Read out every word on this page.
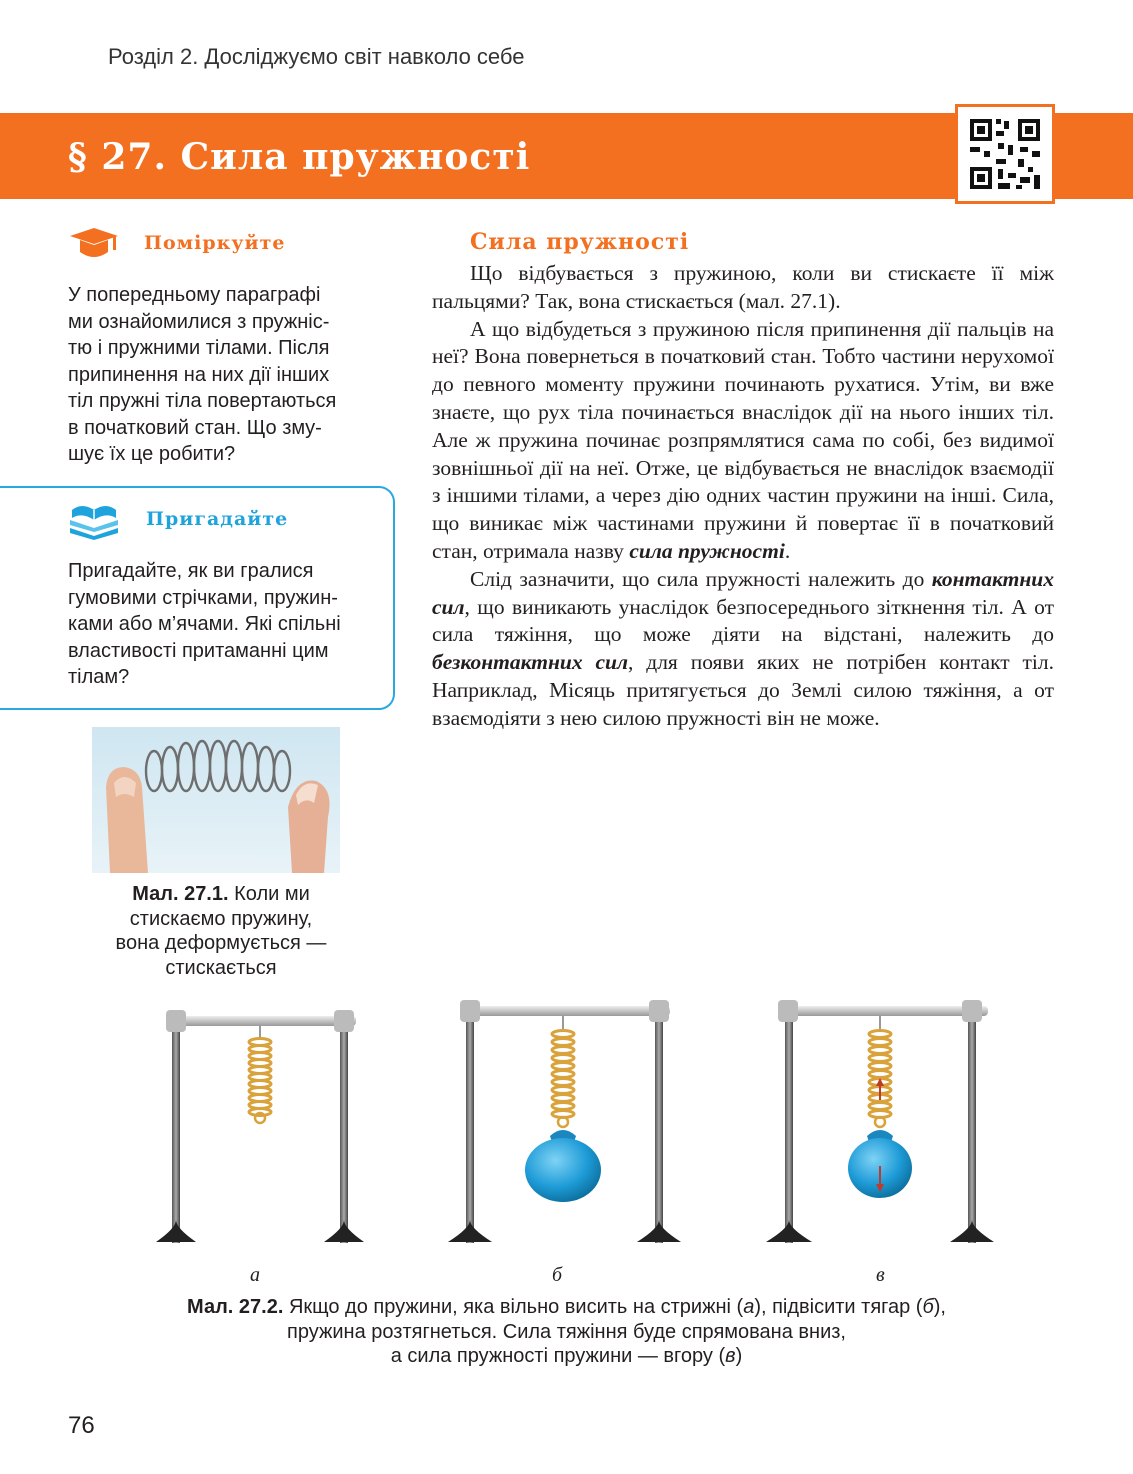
Розділ 2. Досліджуємо світ навколо себе
§ 27. Сила пружності
Поміркуйте
У попередньому параграфі
ми ознайомилися з пружніс-
тю і пружними тілами. Після
припинення на них дії інших
тіл пружні тіла повертаються
в початковий стан. Що змy-
шує їх це робити?
Пригадайте
Пригадайте, як ви гралися
гумовими стрічками, пружин-
ками або м’ячами. Які спільні
властивості притаманні цим
тілам?
Мал. 27.1. Коли ми
стискаємо пружину,
вона деформується —
стискається
Сила пружності

Що відбувається з пружиною, коли ви стискаєте її між пальцями? Так, вона стискається (мал. 27.1).

А що відбудеться з пружиною після припинення дії пальців на неї? Вона повернеться в початковий стан. Тобто частини нерухомої до певного моменту пружини починають рухатися. Утім, ви вже знаєте, що рух тіла починається внаслідок дії на нього інших тіл. Але ж пружина починає розпрямлятися сама по собі, без видимої зовнішньої дії на неї. Отже, це відбувається не внаслідок взаємодії з іншими тілами, а через дію одних частин пружини на інші. Сила, що виникає між частинами пружини й повертає її в початковий стан, отримала назву сила пружності.

Слід зазначити, що сила пружності належить до контактних сил, що виникають унаслідок безпосереднього зіткнення тіл. А от сила тяжіння, що може діяти на відстані, належить до безконтактних сил, для появи яких не потрібен контакт тіл. Наприклад, Місяць притягується до Землі силою тяжіння, а от взаємодіяти з нею силою пружності він не може.

а	б	в
Мал. 27.2. Якщо до пружини, яка вільно висить на стрижні (а), підвісити тягар (б),
пружина розтягнеться. Сила тяжіння буде спрямована вниз,
а сила пружності пружини — вгору (в)
76
